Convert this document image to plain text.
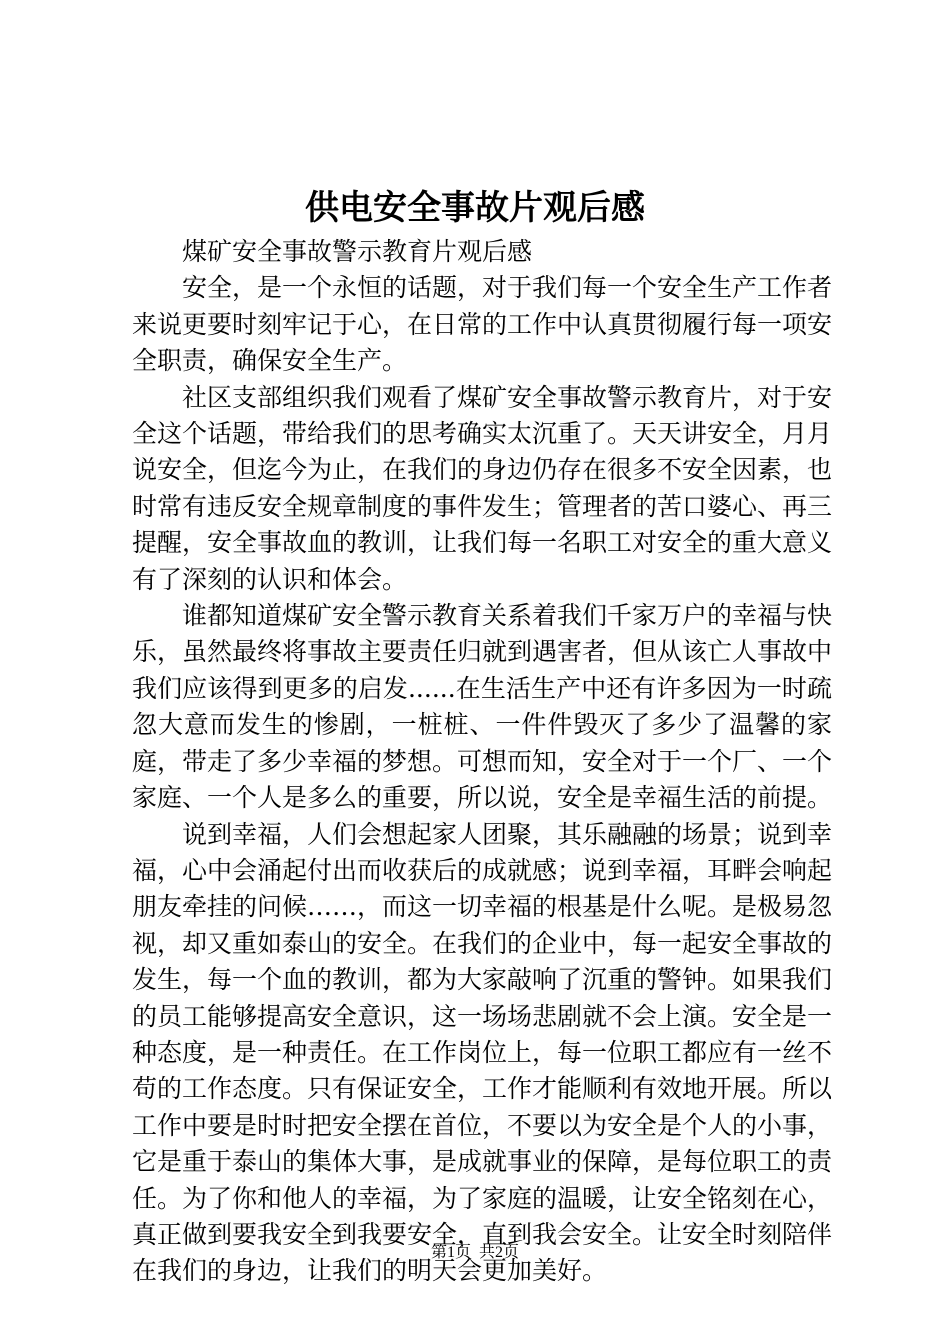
供电安全事故片观后感

煤矿安全事故警示教育片观后感

安全，是一个永恒的话题，对于我们每一个安全生产工作者来说更要时刻牢记于心，在日常的工作中认真贯彻履行每一项安全职责，确保安全生产。

社区支部组织我们观看了煤矿安全事故警示教育片，对于安全这个话题，带给我们的思考确实太沉重了。天天讲安全，月月说安全，但迄今为止，在我们的身边仍存在很多不安全因素，也时常有违反安全规章制度的事件发生；管理者的苦口婆心、再三提醒，安全事故血的教训，让我们每一名职工对安全的重大意义有了深刻的认识和体会。

谁都知道煤矿安全警示教育关系着我们千家万户的幸福与快乐，虽然最终将事故主要责任归就到遇害者，但从该亡人事故中我们应该得到更多的启发......在生活生产中还有许多因为一时疏忽大意而发生的惨剧，一桩桩、一件件毁灭了多少了温馨的家庭，带走了多少幸福的梦想。可想而知，安全对于一个厂、一个家庭、一个人是多么的重要，所以说，安全是幸福生活的前提。

说到幸福，人们会想起家人团聚，其乐融融的场景；说到幸福，心中会涌起付出而收获后的成就感；说到幸福，耳畔会响起朋友牵挂的问候……，而这一切幸福的根基是什么呢。是极易忽视，却又重如泰山的安全。在我们的企业中，每一起安全事故的发生，每一个血的教训，都为大家敲响了沉重的警钟。如果我们的员工能够提高安全意识，这一场场悲剧就不会上演。安全是一种态度，是一种责任。在工作岗位上，每一位职工都应有一丝不苟的工作态度。只有保证安全，工作才能顺利有效地开展。所以工作中要是时时把安全摆在首位，不要以为安全是个人的小事，它是重于泰山的集体大事，是成就事业的保障，是每位职工的责任。为了你和他人的幸福，为了家庭的温暖，让安全铭刻在心，真正做到要我安全到我要安全，直到我会安全。让安全时刻陪伴在我们的身边，让我们的明天会更加美好。

第1页 共2页
